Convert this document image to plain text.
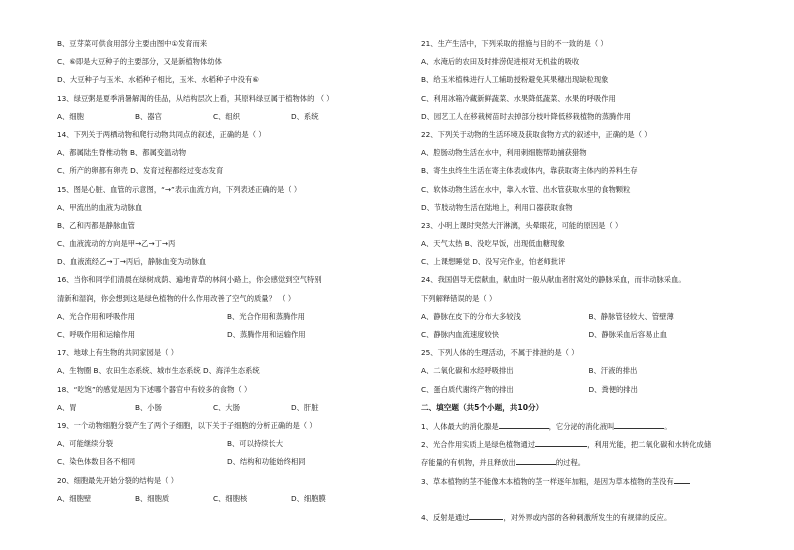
B、豆芽菜可供食用部分主要由图中①发育而来
C、⑥即是大豆种子的主要部分，又是新植物体幼体
D、大豆种子与玉米、水稻种子相比，玉米、水稻种子中没有⑥
13、绿豆粥是夏季消暑解渴的佳品，从结构层次上看，其原料绿豆属于植物体的 （ ）
A、细胞	B、器官	C、组织	D、系统
14、下列关于两栖动物和爬行动物共同点的叙述，正确的是（ ）
A、都属陆生脊椎动物 B、都属变温动物
C、所产的卵都有卵壳 D、发育过程都经过变态发育
15、图是心脏、血管的示意图，“→”表示血流方向，下列表述正确的是（ ）
A、甲流出的血液为动脉血
B、乙和丙都是静脉血管
C、血液流动的方向是甲→乙→丁→丙
D、血液流经乙→丁→丙后，静脉血变为动脉血
16、当你和同学们清晨在绿树成荫、遍地青草的林间小路上，你会感觉到空气特别
清新和湿润，你会想到这是绿色植物的什么作用改善了空气的质量？ （ ）
A、光合作用和呼吸作用	B、光合作用和蒸腾作用
C、呼吸作用和运输作用	D、蒸腾作用和运输作用
17、地球上有生物的共同家园是（ ）
A、生物圈 B、农田生态系统、城市生态系统 D、海洋生态系统
18、“吃饱”的感觉是因为下述哪个器官中有较多的食物（ ）
A、胃	B、小肠	C、大肠	D、肝脏
19、一个动物细胞分裂产生了两个子细胞，以下关于子细胞的分析正确的是（ ）
A、可能继续分裂	B、可以持续长大
C、染色体数目各不相同	D、结构和功能始终相同
20、细胞最先开始分裂的结构是（ ）
A、细胞壁	B、细胞质	C、细胞核	D、细胞膜
21、生产生活中，下列采取的措施与目的不一致的是（ ）
A、水淹后的农田及时排涝促进根对无机盐的吸收
B、给玉米植株进行人工辅助授粉避免其果穗出现缺粒现象
C、利用冰箱冷藏新鲜蔬菜、水果降低蔬菜、水果的呼吸作用
D、园艺工人在移栽树苗时去掉部分枝叶降低移栽植物的蒸腾作用
22、下列关于动物的生活环境及获取食物方式的叙述中，正确的是（ ）
A、腔肠动物生活在水中，利用刺细胞帮助捕获猎物
B、寄生虫终生生活在寄主体表或体内，靠获取寄主体内的养料生存
C、软体动物生活在水中，靠入水管、出水管获取水里的食物颗粒
D、节肢动物生活在陆地上，利用口器获取食物
23、小明上课时突然大汗淋漓，头晕眼花，可能的原因是（ ）
A、天气太热 B、没吃早饭，出现低血糖现象
C、上课想睡觉 D、没写完作业，怕老师批评
24、我国倡导无偿献血，献血时一般从献血者肘窝处的静脉采血，而非动脉采血。
下列解释错误的是（ ）
A、静脉在皮下的分布大多较浅	B、静脉管径较大、管壁薄
C、静脉内血流速度较快	D、静脉采血后容易止血
25、下列人体的生理活动，不属于排泄的是（ ）
A、二氧化碳和水经呼吸排出	B、汗液的排出
C、蛋白质代谢终产物的排出	D、粪便的排出
二、填空题（共5个小题，共10分）
1、人体最大的消化腺是	，它分泌的消化液叫	。
2、光合作用实质上是绿色植物通过	，利用光能，把二氧化碳和水转化成储
存能量的有机物，并且释放出	的过程。
3、草本植物的茎不能像木本植物的茎一样逐年加粗，是因为草本植物的茎没有
4、反射是通过	，对外界或内部的各种刺激所发生的有规律的反应。
